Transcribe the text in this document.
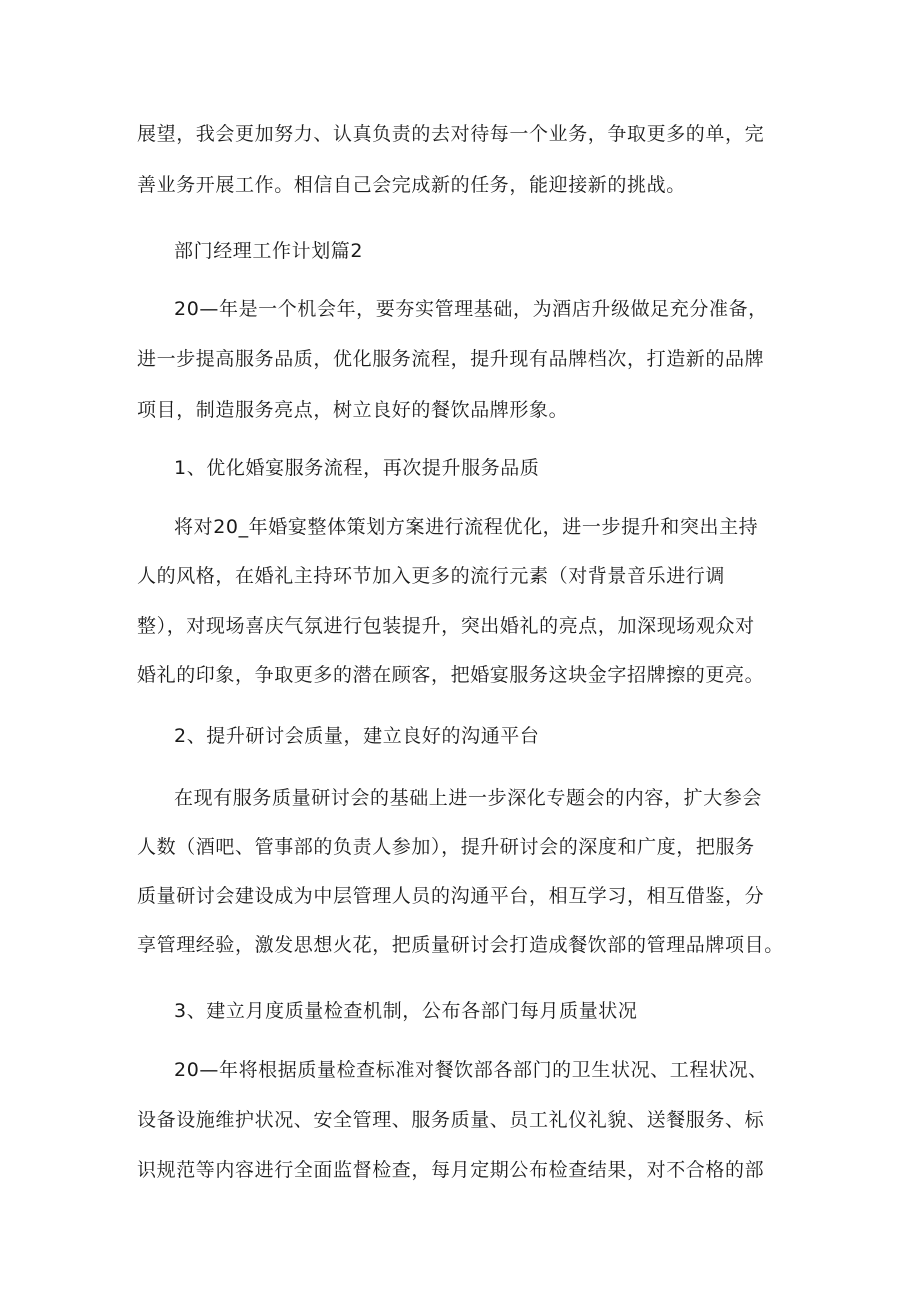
展望，我会更加努力、认真负责的去对待每一个业务，争取更多的单，完
善业务开展工作。相信自己会完成新的任务，能迎接新的挑战。
部门经理工作计划篇2
20—年是一个机会年，要夯实管理基础，为酒店升级做足充分准备，
进一步提高服务品质，优化服务流程，提升现有品牌档次，打造新的品牌
项目，制造服务亮点，树立良好的餐饮品牌形象。
1、优化婚宴服务流程，再次提升服务品质
将对20_年婚宴整体策划方案进行流程优化，进一步提升和突出主持
人的风格，在婚礼主持环节加入更多的流行元素（对背景音乐进行调
整），对现场喜庆气氛进行包装提升，突出婚礼的亮点，加深现场观众对
婚礼的印象，争取更多的潜在顾客，把婚宴服务这块金字招牌擦的更亮。
2、提升研讨会质量，建立良好的沟通平台
在现有服务质量研讨会的基础上进一步深化专题会的内容，扩大参会
人数（酒吧、管事部的负责人参加），提升研讨会的深度和广度，把服务
质量研讨会建设成为中层管理人员的沟通平台，相互学习，相互借鉴，分
享管理经验，激发思想火花，把质量研讨会打造成餐饮部的管理品牌项目。
3、建立月度质量检查机制，公布各部门每月质量状况
20—年将根据质量检查标准对餐饮部各部门的卫生状况、工程状况、
设备设施维护状况、安全管理、服务质量、员工礼仪礼貌、送餐服务、标
识规范等内容进行全面监督检查，每月定期公布检查结果，对不合格的部
